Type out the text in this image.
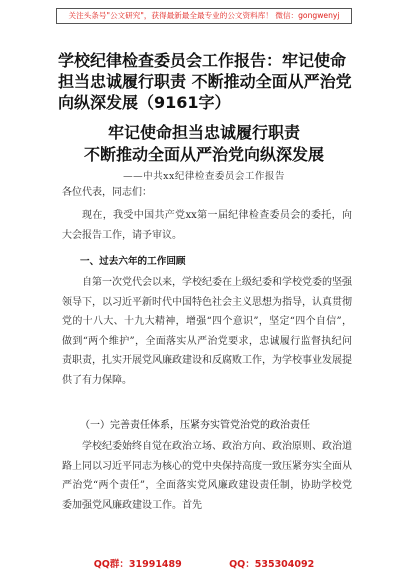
关注头条号"公文研究"，获得最新最全最专业的公文资料库！ 微信：gongwenyj
学校纪律检查委员会工作报告：牢记使命担当忠诚履行职责 不断推动全面从严治党向纵深发展（9161字）
牢记使命担当忠诚履行职责
不断推动全面从严治党向纵深发展
——中共xx纪律检查委员会工作报告
各位代表，同志们：
现在，我受中国共产党xx第一届纪律检查委员会的委托，向大会报告工作，请予审议。
一、过去六年的工作回顾
自第一次党代会以来，学校纪委在上级纪委和学校党委的坚强领导下，以习近平新时代中国特色社会主义思想为指导，认真贯彻党的十八大、十九大精神，增强“四个意识”，坚定“四个自信”，做到“两个维护”，全面落实从严治党要求，忠诚履行监督执纪问责职责，扎实开展党风廉政建设和反腐败工作，为学校事业发展提供了有力保障。
（一）完善责任体系，压紧夯实管党治党的政治责任
学校纪委始终自觉在政治立场、政治方向、政治原则、政治道路上同以习近平同志为核心的党中央保持高度一致压紧夯实全面从严治党“两个责任”，全面落实党风廉政建设责任制，协助学校党委加强党风廉政建设工作。首先
QQ群：31991489	QQ：535304092
